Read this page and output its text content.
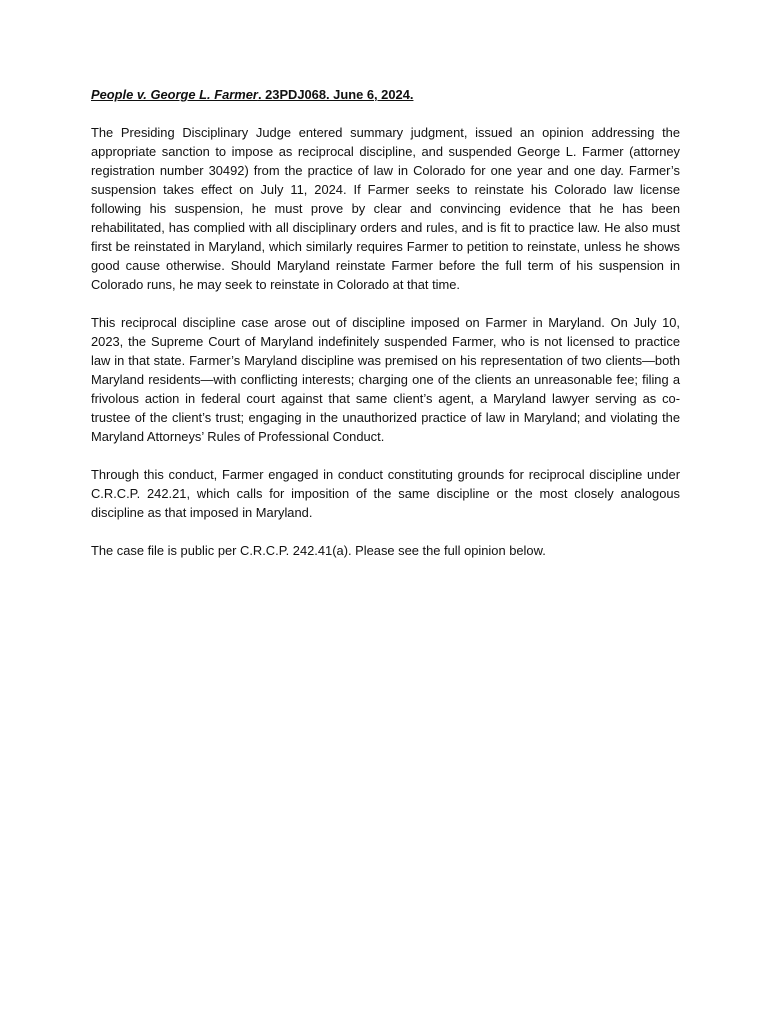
People v. George L. Farmer. 23PDJ068. June 6, 2024.

The Presiding Disciplinary Judge entered summary judgment, issued an opinion addressing the appropriate sanction to impose as reciprocal discipline, and suspended George L. Farmer (attorney registration number 30492) from the practice of law in Colorado for one year and one day. Farmer’s suspension takes effect on July 11, 2024. If Farmer seeks to reinstate his Colorado law license following his suspension, he must prove by clear and convincing evidence that he has been rehabilitated, has complied with all disciplinary orders and rules, and is fit to practice law. He also must first be reinstated in Maryland, which similarly requires Farmer to petition to reinstate, unless he shows good cause otherwise. Should Maryland reinstate Farmer before the full term of his suspension in Colorado runs, he may seek to reinstate in Colorado at that time.

This reciprocal discipline case arose out of discipline imposed on Farmer in Maryland. On July 10, 2023, the Supreme Court of Maryland indefinitely suspended Farmer, who is not licensed to practice law in that state. Farmer’s Maryland discipline was premised on his representation of two clients—both Maryland residents—with conflicting interests; charging one of the clients an unreasonable fee; filing a frivolous action in federal court against that same client’s agent, a Maryland lawyer serving as co-trustee of the client’s trust; engaging in the unauthorized practice of law in Maryland; and violating the Maryland Attorneys’ Rules of Professional Conduct.

Through this conduct, Farmer engaged in conduct constituting grounds for reciprocal discipline under C.R.C.P. 242.21, which calls for imposition of the same discipline or the most closely analogous discipline as that imposed in Maryland.

The case file is public per C.R.C.P. 242.41(a). Please see the full opinion below.
